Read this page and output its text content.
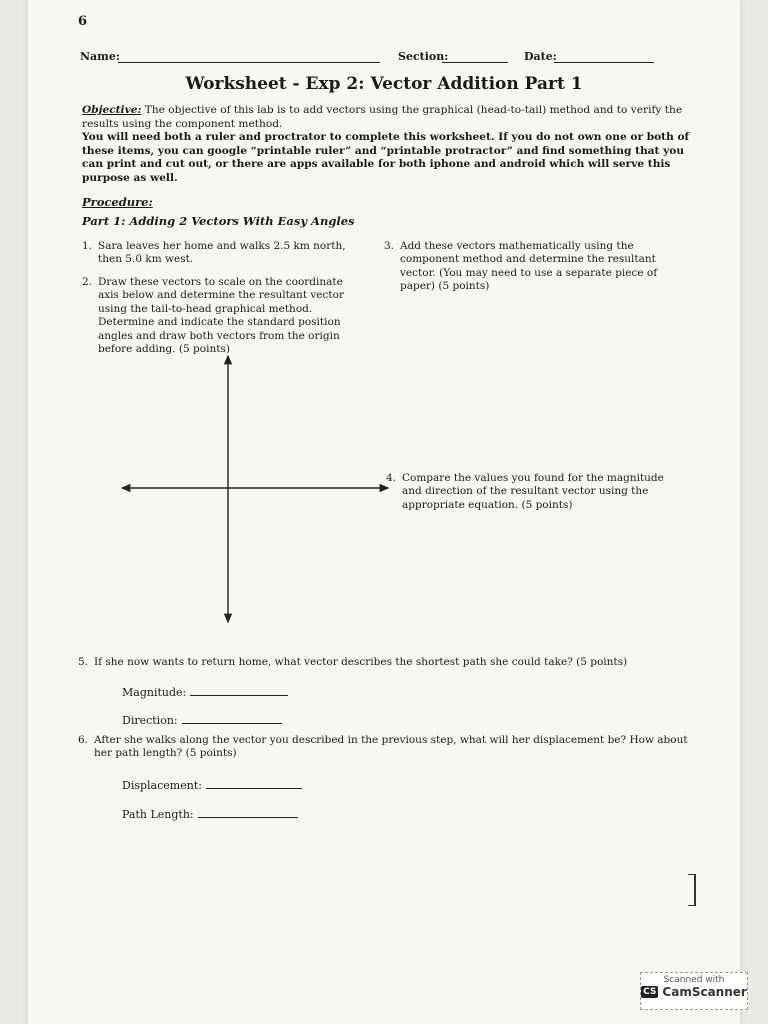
6
Name:	Section:	Date:
Worksheet - Exp 2: Vector Addition Part 1
Objective: The objective of this lab is to add vectors using the graphical (head-to-tail) method and to verify the results using the component method.
You will need both a ruler and proctrator to complete this worksheet. If you do not own one or both of these items, you can google “printable ruler” and “printable protractor” and find something that you can print and cut out, or there are apps available for both iphone and android which will serve this purpose as well.
Procedure:
Part 1: Adding 2 Vectors With Easy Angles
1. Sara leaves her home and walks 2.5 km north, then 5.0 km west.
2. Draw these vectors to scale on the coordinate axis below and determine the resultant vector using the tail-to-head graphical method. Determine and indicate the standard position angles and draw both vectors from the origin before adding. (5 points)
3. Add these vectors mathematically using the component method and determine the resultant vector. (You may need to use a separate piece of paper) (5 points)
4. Compare the values you found for the magnitude and direction of the resultant vector using the appropriate equation. (5 points)
5. If she now wants to return home, what vector describes the shortest path she could take? (5 points)
Magnitude:
Direction:
6. After she walks along the vector you described in the previous step, what will her displacement be? How about her path length? (5 points)
Displacement:
Path Length:
Scanned with
CS CamScanner
